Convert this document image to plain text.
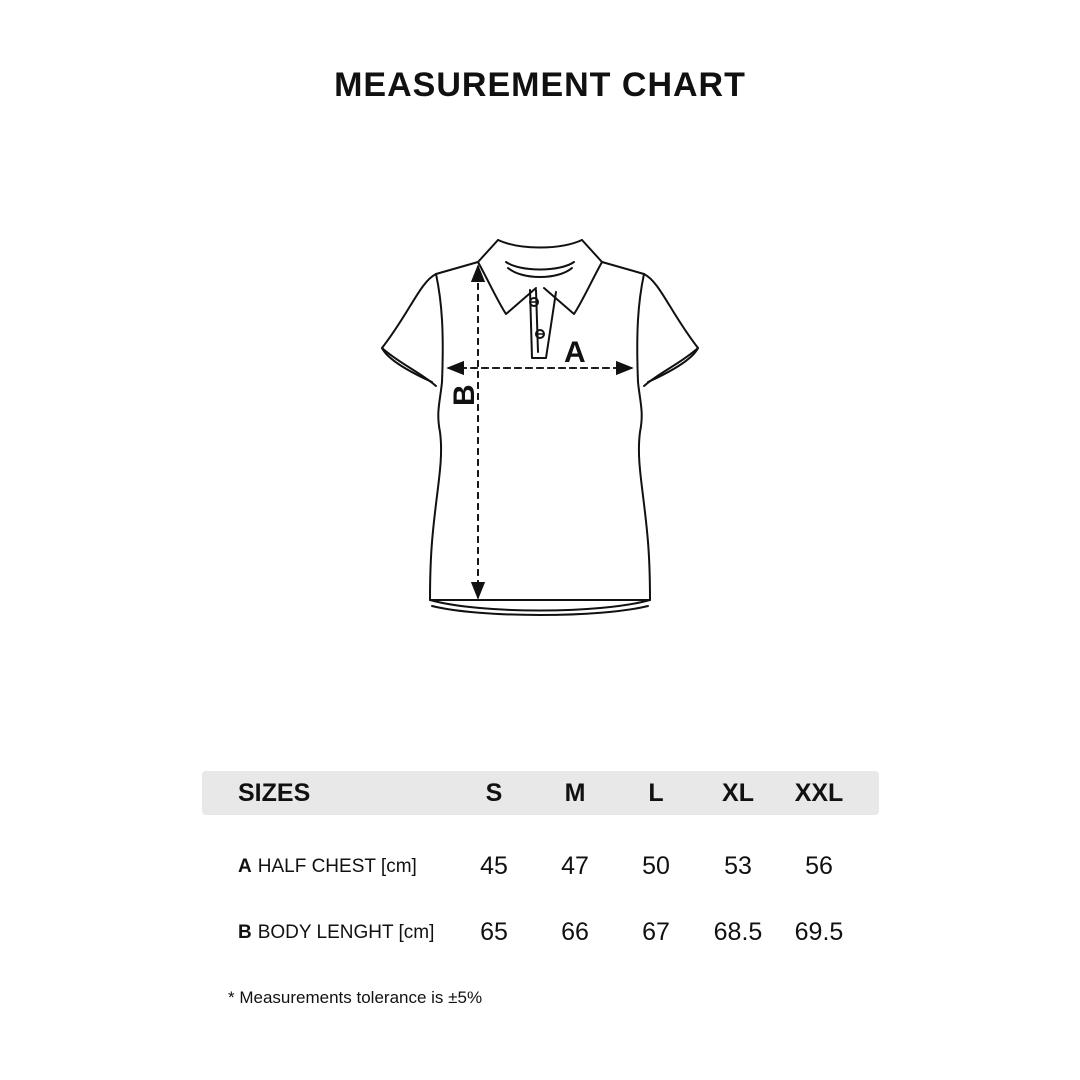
MEASUREMENT CHART
A
B
SIZES	S	M	L	XL	XXL
A HALF CHEST [cm]	45	47	50	53	56
B BODY LENGHT [cm]	65	66	67	68.5	69.5
* Measurements tolerance is ±5%
